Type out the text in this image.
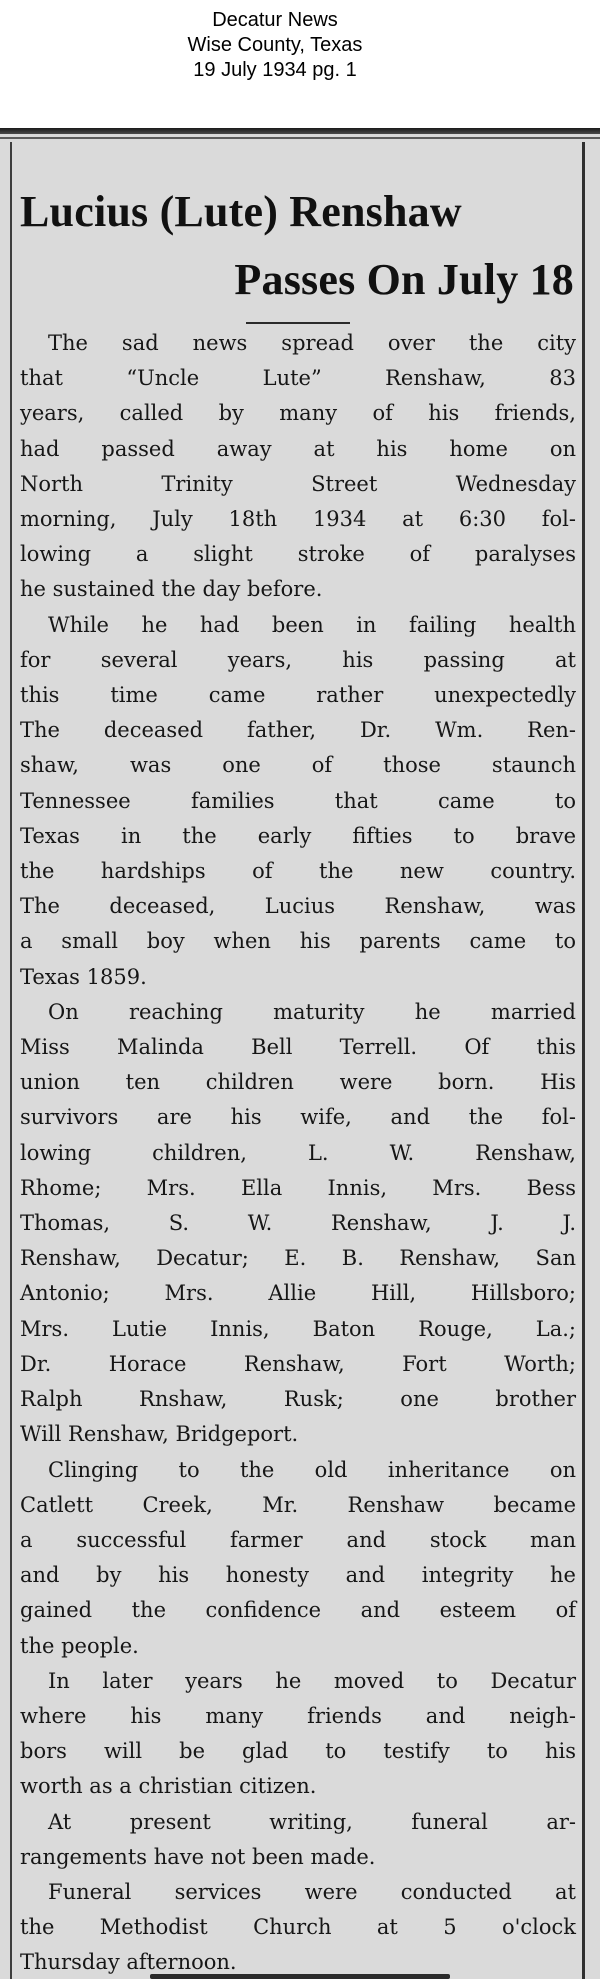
Decatur News
Wise County, Texas
19 July 1934 pg. 1
Lucius (Lute) Renshaw
Passes On July 18
The sad news spread over the city
that “Uncle Lute” Renshaw, 83
years, called by many of his friends,
had passed away at his home on
North Trinity Street Wednesday
morning, July 18th 1934 at 6:30 fol-
lowing a slight stroke of paralyses
he sustained the day before.
While he had been in failing health
for several years, his passing at
this time came rather unexpectedly
The deceased father, Dr. Wm. Ren-
shaw, was one of those staunch
Tennessee families that came to
Texas in the early fifties to brave
the hardships of the new country.
The deceased, Lucius Renshaw, was
a small boy when his parents came to
Texas 1859.
On reaching maturity he married
Miss Malinda Bell Terrell. Of this
union ten children were born. His
survivors are his wife, and the fol-
lowing children, L. W. Renshaw,
Rhome; Mrs. Ella Innis, Mrs. Bess
Thomas, S. W. Renshaw, J. J.
Renshaw, Decatur; E. B. Renshaw, San
Antonio; Mrs. Allie Hill, Hillsboro;
Mrs. Lutie Innis, Baton Rouge, La.;
Dr. Horace Renshaw, Fort Worth;
Ralph Rnshaw, Rusk; one brother
Will Renshaw, Bridgeport.
Clinging to the old inheritance on
Catlett Creek, Mr. Renshaw became
a successful farmer and stock man
and by his honesty and integrity he
gained the confidence and esteem of
the people.
In later years he moved to Decatur
where his many friends and neigh-
bors will be glad to testify to his
worth as a christian citizen.
At present writing, funeral ar-
rangements have not been made.
Funeral services were conducted at
the Methodist Church at 5 o'clock
Thursday afternoon.
